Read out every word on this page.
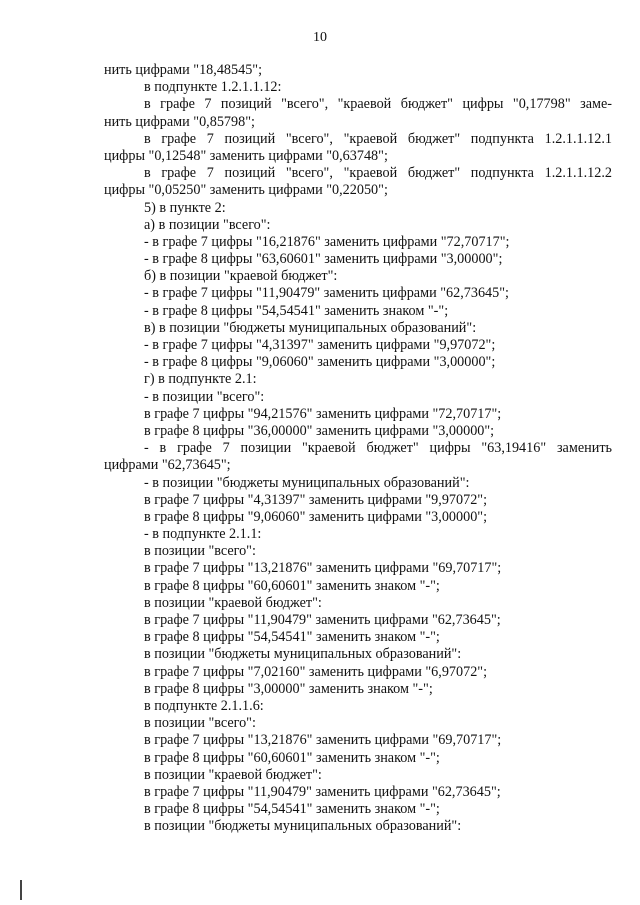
10
нить цифрами "18,48545";
в подпункте 1.2.1.1.12:
в графе 7 позиций "всего", "краевой бюджет" цифры "0,17798" заме-
нить цифрами "0,85798";
в графе 7 позиций "всего", "краевой бюджет" подпункта 1.2.1.1.12.1
цифры "0,12548" заменить цифрами "0,63748";
в графе 7 позиций "всего", "краевой бюджет" подпункта 1.2.1.1.12.2
цифры "0,05250" заменить цифрами "0,22050";
5) в пункте 2:
а) в позиции "всего":
- в графе 7 цифры "16,21876" заменить цифрами "72,70717";
- в графе 8 цифры "63,60601" заменить цифрами "3,00000";
б) в позиции "краевой бюджет":
- в графе 7 цифры "11,90479" заменить цифрами "62,73645";
- в графе 8 цифры "54,54541" заменить знаком "-";
в) в позиции "бюджеты муниципальных образований":
- в графе 7 цифры "4,31397" заменить цифрами "9,97072";
- в графе 8 цифры "9,06060" заменить цифрами "3,00000";
г) в подпункте 2.1:
- в позиции "всего":
в графе 7 цифры "94,21576" заменить цифрами "72,70717";
в графе 8 цифры "36,00000" заменить цифрами "3,00000";
- в графе 7 позиции "краевой бюджет" цифры "63,19416" заменить
цифрами "62,73645";
- в позиции "бюджеты муниципальных образований":
в графе 7 цифры "4,31397" заменить цифрами "9,97072";
в графе 8 цифры "9,06060" заменить цифрами "3,00000";
- в подпункте 2.1.1:
в позиции "всего":
в графе 7 цифры "13,21876" заменить цифрами "69,70717";
в графе 8 цифры "60,60601" заменить знаком "-";
в позиции "краевой бюджет":
в графе 7 цифры "11,90479" заменить цифрами "62,73645";
в графе 8 цифры "54,54541" заменить знаком "-";
в позиции "бюджеты муниципальных образований":
в графе 7 цифры "7,02160" заменить цифрами "6,97072";
в графе 8 цифры "3,00000" заменить знаком "-";
в подпункте 2.1.1.6:
в позиции "всего":
в графе 7 цифры "13,21876" заменить цифрами "69,70717";
в графе 8 цифры "60,60601" заменить знаком "-";
в позиции "краевой бюджет":
в графе 7 цифры "11,90479" заменить цифрами "62,73645";
в графе 8 цифры "54,54541" заменить знаком "-";
в позиции "бюджеты муниципальных образований":
